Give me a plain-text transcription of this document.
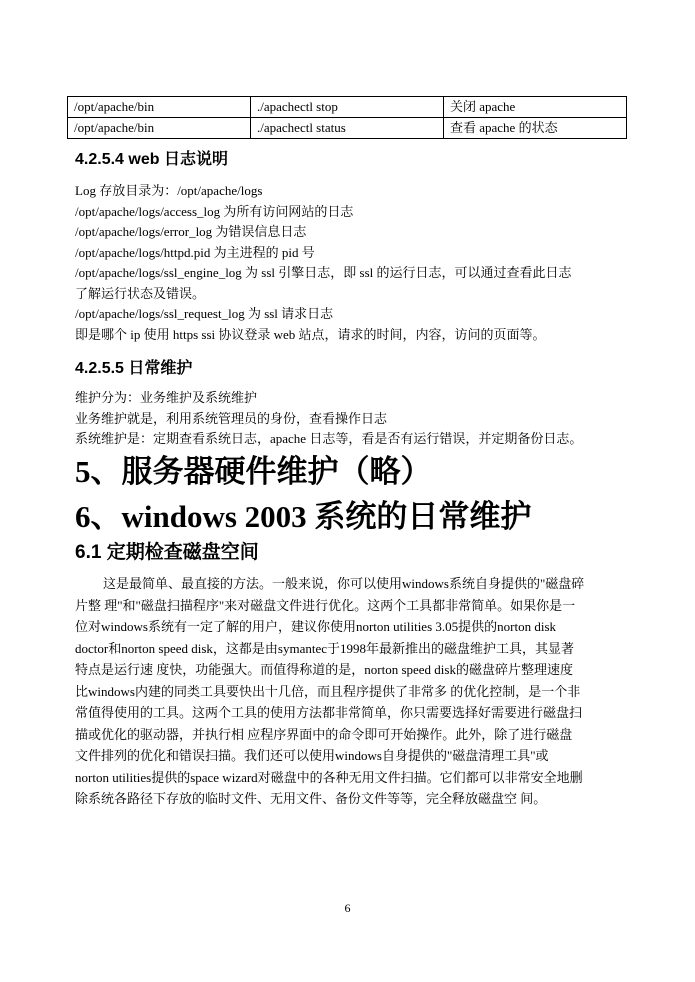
/opt/apache/bin	./apachectl stop	关闭 apache
/opt/apache/bin	./apachectl status	查看 apache 的状态
4.2.5.4 web 日志说明
Log 存放目录为：/opt/apache/logs
/opt/apache/logs/access_log 为所有访问网站的日志
/opt/apache/logs/error_log 为错误信息日志
/opt/apache/logs/httpd.pid 为主进程的 pid 号
/opt/apache/logs/ssl_engine_log 为 ssl 引擎日志，即 ssl 的运行日志，可以通过查看此日志
了解运行状态及错误。
/opt/apache/logs/ssl_request_log 为 ssl 请求日志
即是哪个 ip 使用 https ssi 协议登录 web 站点，请求的时间，内容，访问的页面等。
4.2.5.5 日常维护
维护分为：业务维护及系统维护
业务维护就是，利用系统管理员的身份，查看操作日志
系统维护是：定期查看系统日志，apache 日志等，看是否有运行错误，并定期备份日志。
5、服务器硬件维护（略）
6、windows 2003 系统的日常维护
6.1 定期检查磁盘空间
这是最简单、最直接的方法。一般来说，你可以使用windows系统自身提供的"磁盘碎
片整 理"和"磁盘扫描程序"来对磁盘文件进行优化。这两个工具都非常简单。如果你是一
位对windows系统有一定了解的用户，建议你使用norton utilities 3.05提供的norton disk
doctor和norton speed disk，这都是由symantec于1998年最新推出的磁盘维护工具，其显著
特点是运行速 度快，功能强大。而值得称道的是，norton speed disk的磁盘碎片整理速度
比windows内建的同类工具要快出十几倍，而且程序提供了非常多 的优化控制，是一个非
常值得使用的工具。这两个工具的使用方法都非常简单，你只需要选择好需要进行磁盘扫
描或优化的驱动器，并执行相 应程序界面中的命令即可开始操作。此外，除了进行磁盘
文件排列的优化和错误扫描。我们还可以使用windows自身提供的"磁盘清理工具"或
norton utilities提供的space wizard对磁盘中的各种无用文件扫描。它们都可以非常安全地删
除系统各路径下存放的临时文件、无用文件、备份文件等等，完全释放磁盘空 间。
6
